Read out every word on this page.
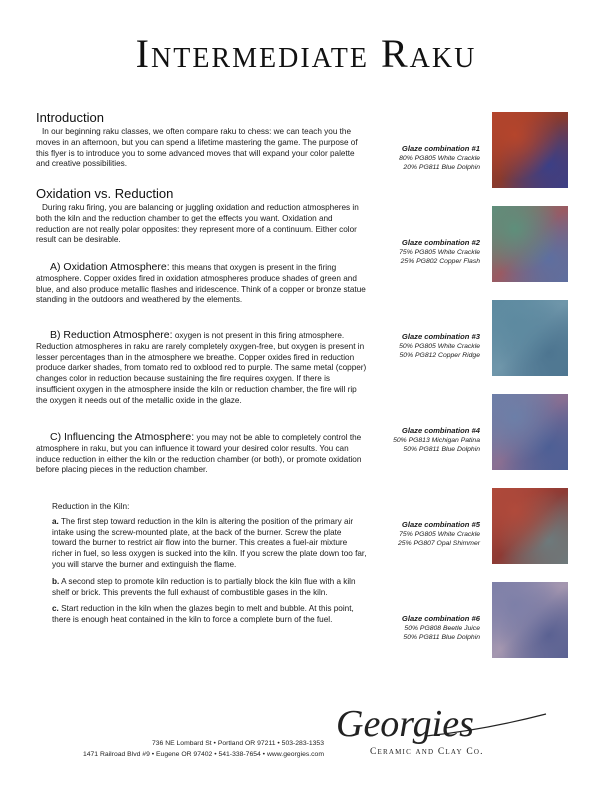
Intermediate Raku
Introduction

In our beginning raku classes, we often compare raku to chess: we can teach you the moves in an afternoon, but you can spend a lifetime mastering the game. The purpose of this flyer is to introduce you to some advanced moves that will expand your color palette and creative possibilities.

Oxidation vs. Reduction

During raku firing, you are balancing or juggling oxidation and reduction atmospheres in both the kiln and the reduction chamber to get the effects you want. Oxidation and reduction are not really polar opposites: they represent more of a continuum. Either color result can be desirable.

A) Oxidation Atmosphere: this means that oxygen is present in the firing atmosphere. Copper oxides fired in oxidation atmospheres produce shades of green and blue, and also produce metallic flashes and iridescence. Think of a copper or bronze statue standing in the outdoors and weathered by the elements.

B) Reduction Atmosphere: oxygen is not present in this firing atmosphere. Reduction atmospheres in raku are rarely completely oxygen-free, but oxygen is present in lesser percentages than in the atmosphere we breathe. Copper oxides fired in reduction produce darker shades, from tomato red to oxblood red to purple. The same metal (copper) changes color in reduction because sustaining the fire requires oxygen. If there is insufficient oxygen in the atmosphere inside the kiln or reduction chamber, the fire will rip the oxygen it needs out of the metallic oxide in the glaze.

C) Influencing the Atmosphere: you may not be able to completely control the atmosphere in raku, but you can influence it toward your desired color results. You can induce reduction in either the kiln or the reduction chamber (or both), or promote oxidation before placing pieces in the reduction chamber.

Reduction in the Kiln:

a. The first step toward reduction in the kiln is altering the position of the primary air intake using the screw-mounted plate, at the back of the burner. Screw the plate toward the burner to restrict air flow into the burner. This creates a fuel-air mixture richer in fuel, so less oxygen is sucked into the kiln. If you screw the plate down too far, you will starve the burner and extinguish the flame.

b. A second step to promote kiln reduction is to partially block the kiln flue with a kiln shelf or brick. This prevents the full exhaust of combustible gases in the kiln.

c. Start reduction in the kiln when the glazes begin to melt and bubble. At this point, there is enough heat contained in the kiln to force a complete burn of the fuel.

Glaze combination #1
80% PG805 White Crackle
20% PG811 Blue Dolphin
Glaze combination #2
75% PG805 White Crackle
25% PG802 Copper Flash
Glaze combination #3
50% PG805 White Crackle
50% PG812 Copper Ridge
Glaze combination #4
50% PG813 Michigan Patina
50% PG811 Blue Dolphin
Glaze combination #5
75% PG805 White Crackle
25% PG807 Opal Shimmer
Glaze combination #6
50% PG808 Beetle Juice
50% PG811 Blue Dolphin
736 NE Lombard St • Portland OR 97211 • 503-283-1353
1471 Railroad Blvd #9 • Eugene OR 97402 • 541-338-7654 • www.georgies.com
Georgies
Ceramic and Clay Co.
